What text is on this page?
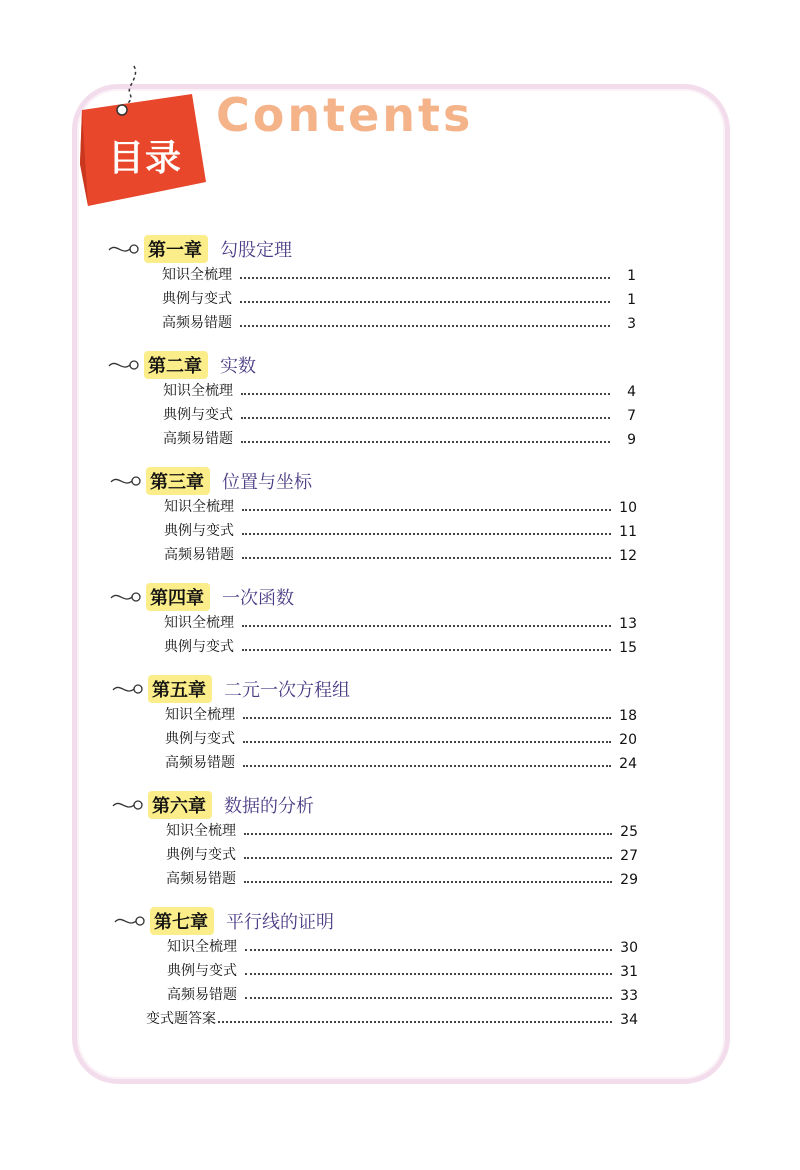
目录
Contents
第一章	勾股定理
知识全梳理	1
典例与变式	1
高频易错题	3
第二章	实数
知识全梳理	4
典例与变式	7
高频易错题	9
第三章	位置与坐标
知识全梳理	10
典例与变式	11
高频易错题	12
第四章	一次函数
知识全梳理	13
典例与变式	15
第五章	二元一次方程组
知识全梳理	18
典例与变式	20
高频易错题	24
第六章	数据的分析
知识全梳理	25
典例与变式	27
高频易错题	29
第七章	平行线的证明
知识全梳理	30
典例与变式	31
高频易错题	33
变式题答案	34
